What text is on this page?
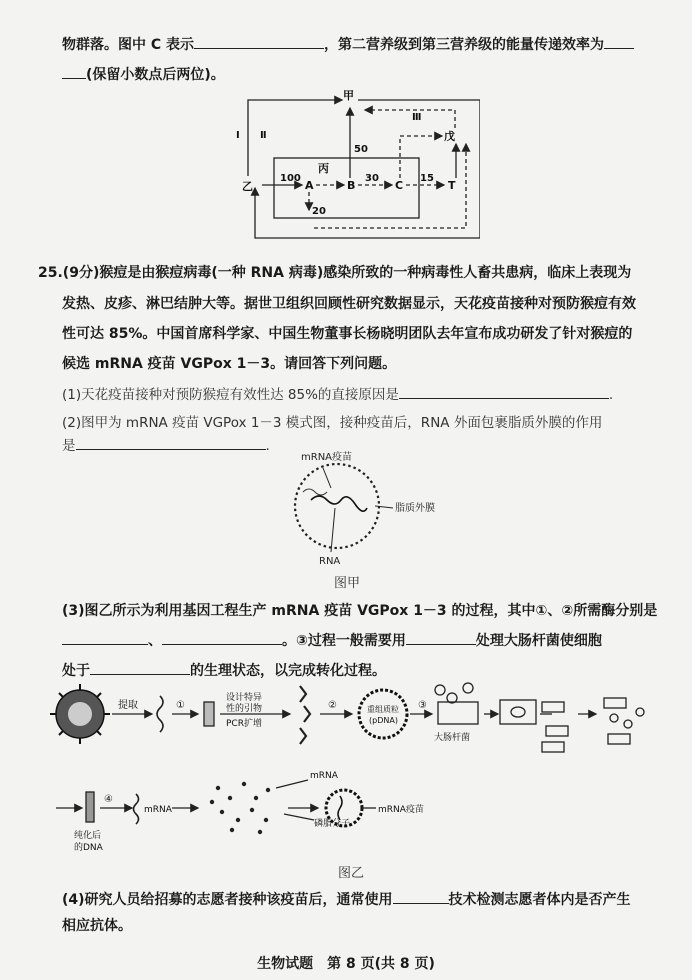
物群落。图中 C 表示	，第二营养级到第三营养级的能量传递效率为
(保留小数点后两位)。
甲
戊
丙
乙	A	B	C	T
Ⅰ Ⅱ
Ⅲ
100	30	15
50
20
25.(9分)猴痘是由猴痘病毒(一种 RNA 病毒)感染所致的一种病毒性人畜共患病，临床上表现为
发热、皮疹、淋巴结肿大等。据世卫组织回顾性研究数据显示，天花疫苗接种对预防猴痘有效
性可达 85%。中国首席科学家、中国生物董事长杨晓明团队去年宣布成功研发了针对猴痘的
候选 mRNA 疫苗 VGPox 1－3。请回答下列问题。
(1)天花疫苗接种对预防猴痘有效性达 85%的直接原因是	.
(2)图甲为 mRNA 疫苗 VGPox 1－3 模式图，接种疫苗后，RNA 外面包裹脂质外膜的作用
是	.
mRNA疫苗
脂质外膜
RNA
图甲
(3)图乙所示为利用基因工程生产 mRNA 疫苗 VGPox 1－3 的过程，其中①、②所需酶分别是
、	。③过程一般需要用	处理大肠杆菌使细胞
处于	的生理状态，以完成转化过程。
提取	①
设计特异
性的引物
PCR扩增
②	重组质粒
(pDNA)
③
大肠杆菌
④
mRNA
mRNA
磷脂分子
mRNA疫苗
纯化后
的DNA
图乙
(4)研究人员给招募的志愿者接种该疫苗后，通常使用	技术检测志愿者体内是否产生
相应抗体。
生物试题　第 8 页(共 8 页)
